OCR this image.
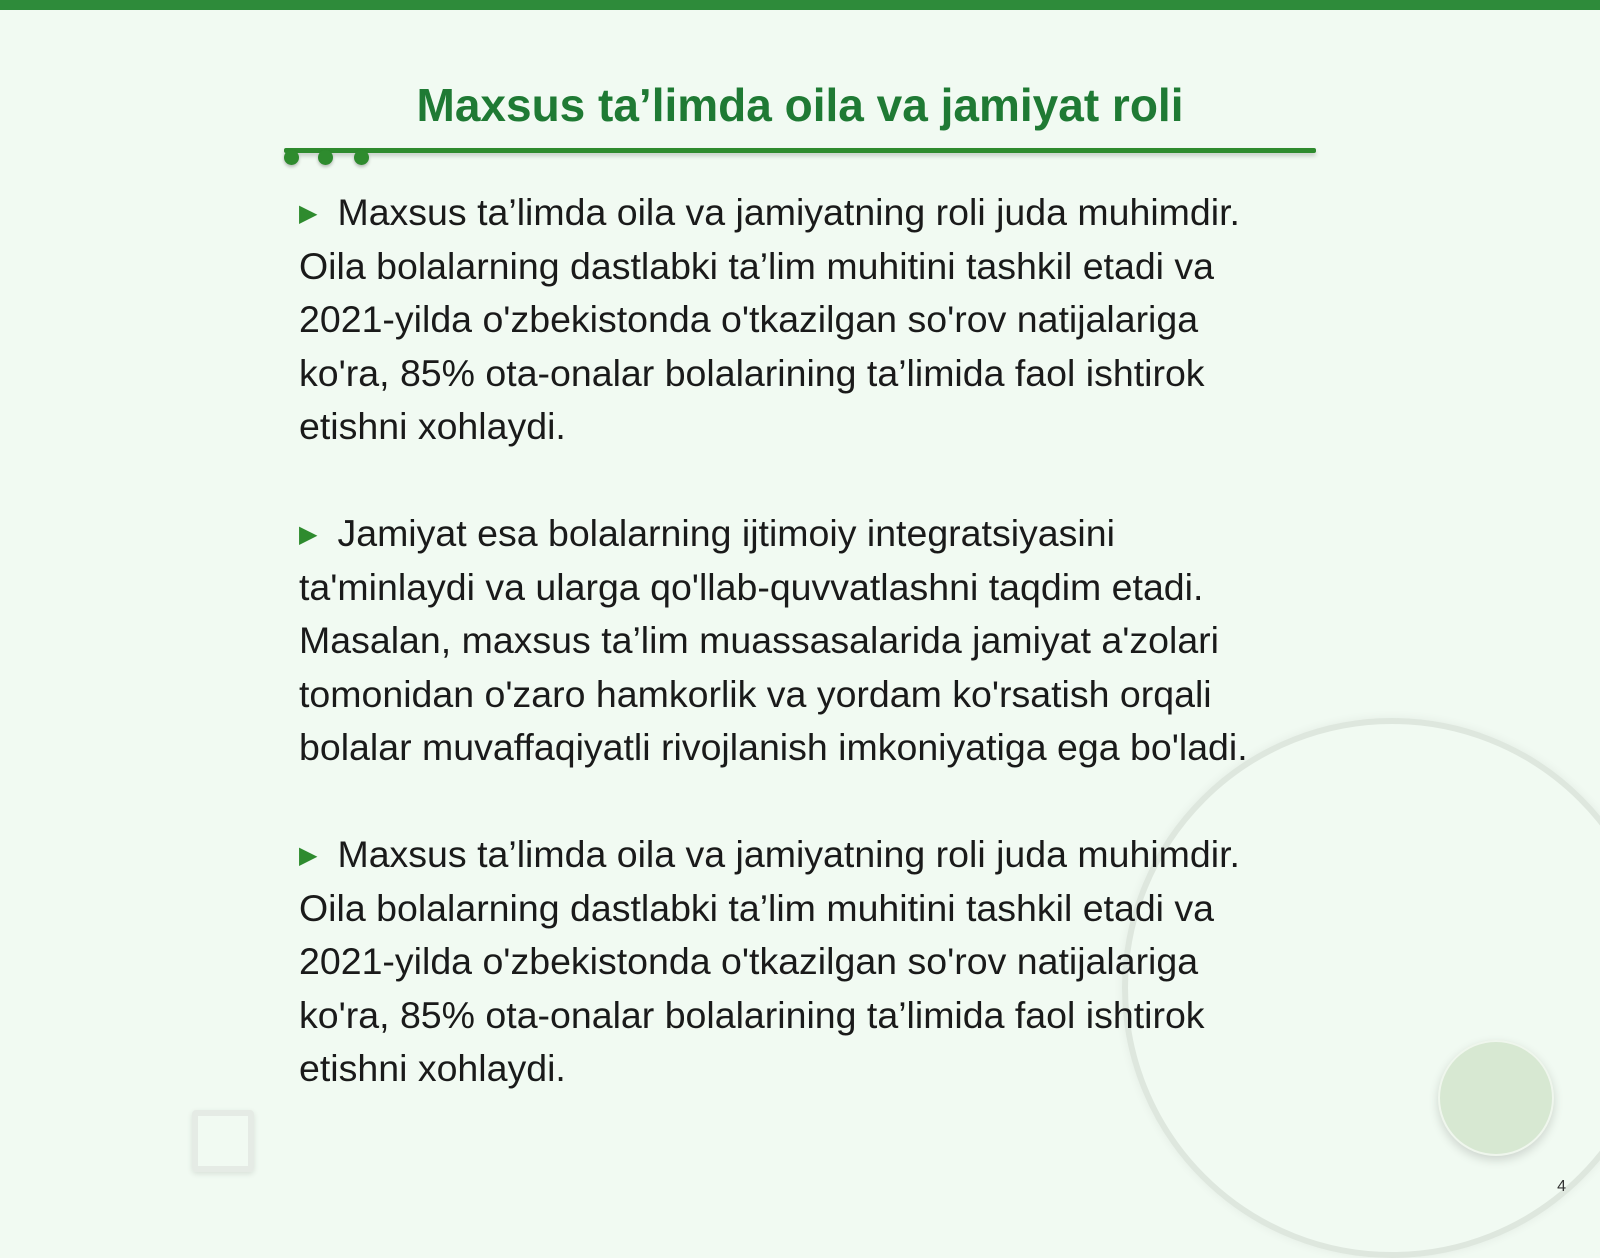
Maxsus ta’limda oila va jamiyat roli

▶ Maxsus ta’limda oila va jamiyatning roli juda muhimdir. Oila bolalarning dastlabki ta’lim muhitini tashkil etadi va 2021-yilda o'zbekistonda o'tkazilgan so'rov natijalariga ko'ra, 85% ota-onalar bolalarining ta’limida faol ishtirok etishni xohlaydi.

▶ Jamiyat esa bolalarning ijtimoiy integratsiyasini ta'minlaydi va ularga qo'llab-quvvatlashni taqdim etadi. Masalan, maxsus ta’lim muassasalarida jamiyat a'zolari tomonidan o'zaro hamkorlik va yordam ko'rsatish orqali bolalar muvaffaqiyatli rivojlanish imkoniyatiga ega bo'ladi.

▶ Maxsus ta’limda oila va jamiyatning roli juda muhimdir. Oila bolalarning dastlabki ta’lim muhitini tashkil etadi va 2021-yilda o'zbekistonda o'tkazilgan so'rov natijalariga ko'ra, 85% ota-onalar bolalarining ta’limida faol ishtirok etishni xohlaydi.

4
